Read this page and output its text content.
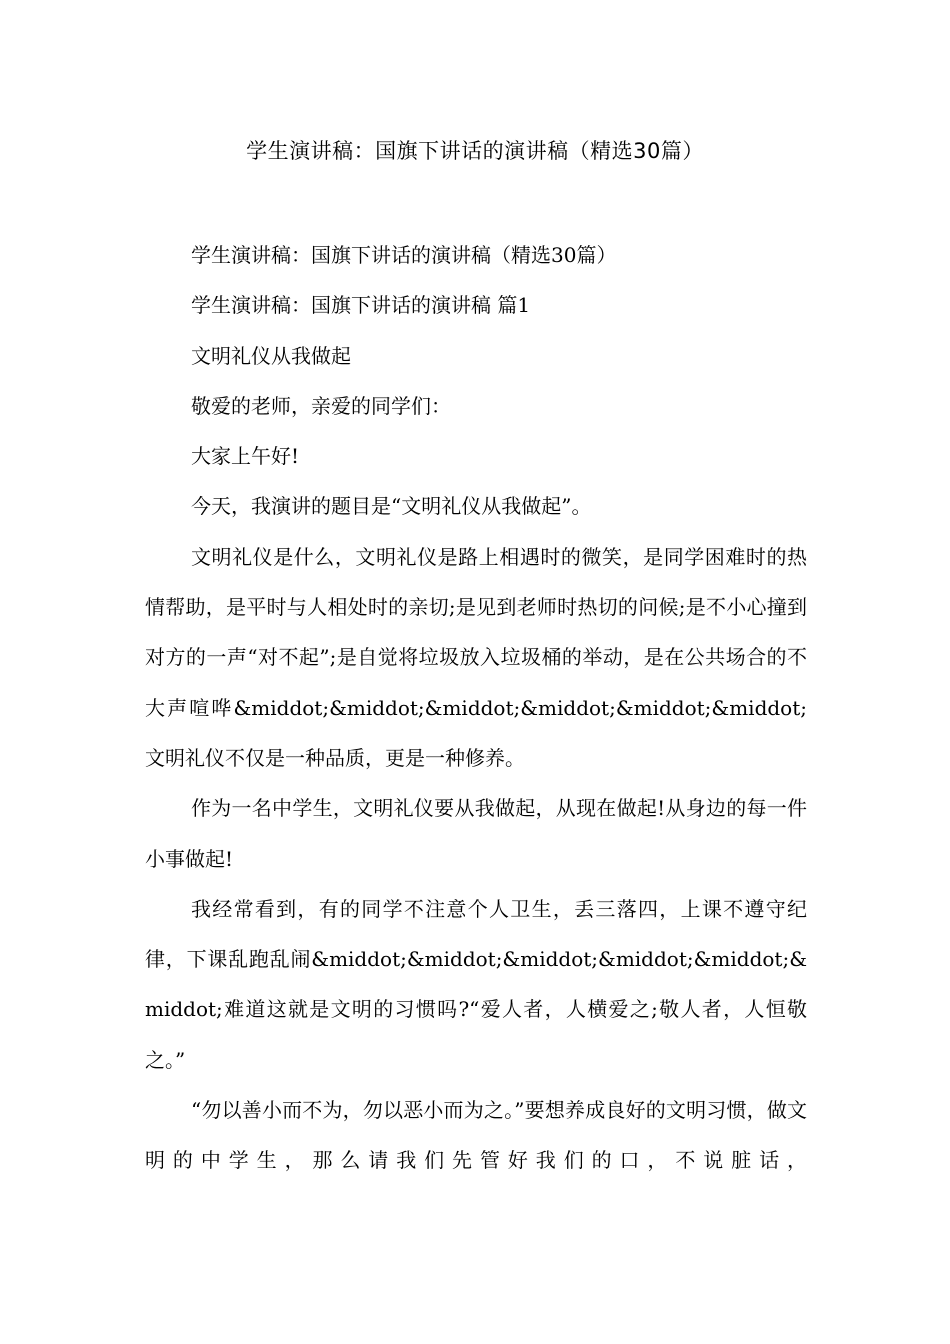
学生演讲稿：国旗下讲话的演讲稿（精选30篇）

学生演讲稿：国旗下讲话的演讲稿（精选30篇）

学生演讲稿：国旗下讲话的演讲稿 篇1

文明礼仪从我做起

敬爱的老师，亲爱的同学们：

大家上午好!

今天，我演讲的题目是“文明礼仪从我做起”。

文明礼仪是什么，文明礼仪是路上相遇时的微笑，是同学困难时的热情帮助，是平时与人相处时的亲切;是见到老师时热切的问候;是不小心撞到对方的一声“对不起”;是自觉将垃圾放入垃圾桶的举动，是在公共场合的不大声喧哗&middot;&middot;&middot;&middot;&middot;&middot;文明礼仪不仅是一种品质，更是一种修养。

作为一名中学生，文明礼仪要从我做起，从现在做起!从身边的每一件小事做起!

我经常看到，有的同学不注意个人卫生，丢三落四，上课不遵守纪律，下课乱跑乱闹&middot;&middot;&middot;&middot;&middot;&middot;难道这就是文明的习惯吗?“爱人者，人横爱之;敬人者，人恒敬之。”

“勿以善小而不为，勿以恶小而为之。”要想养成良好的文明习惯，做文明的中学生，那么请我们先管好我们的口，不说脏话，
